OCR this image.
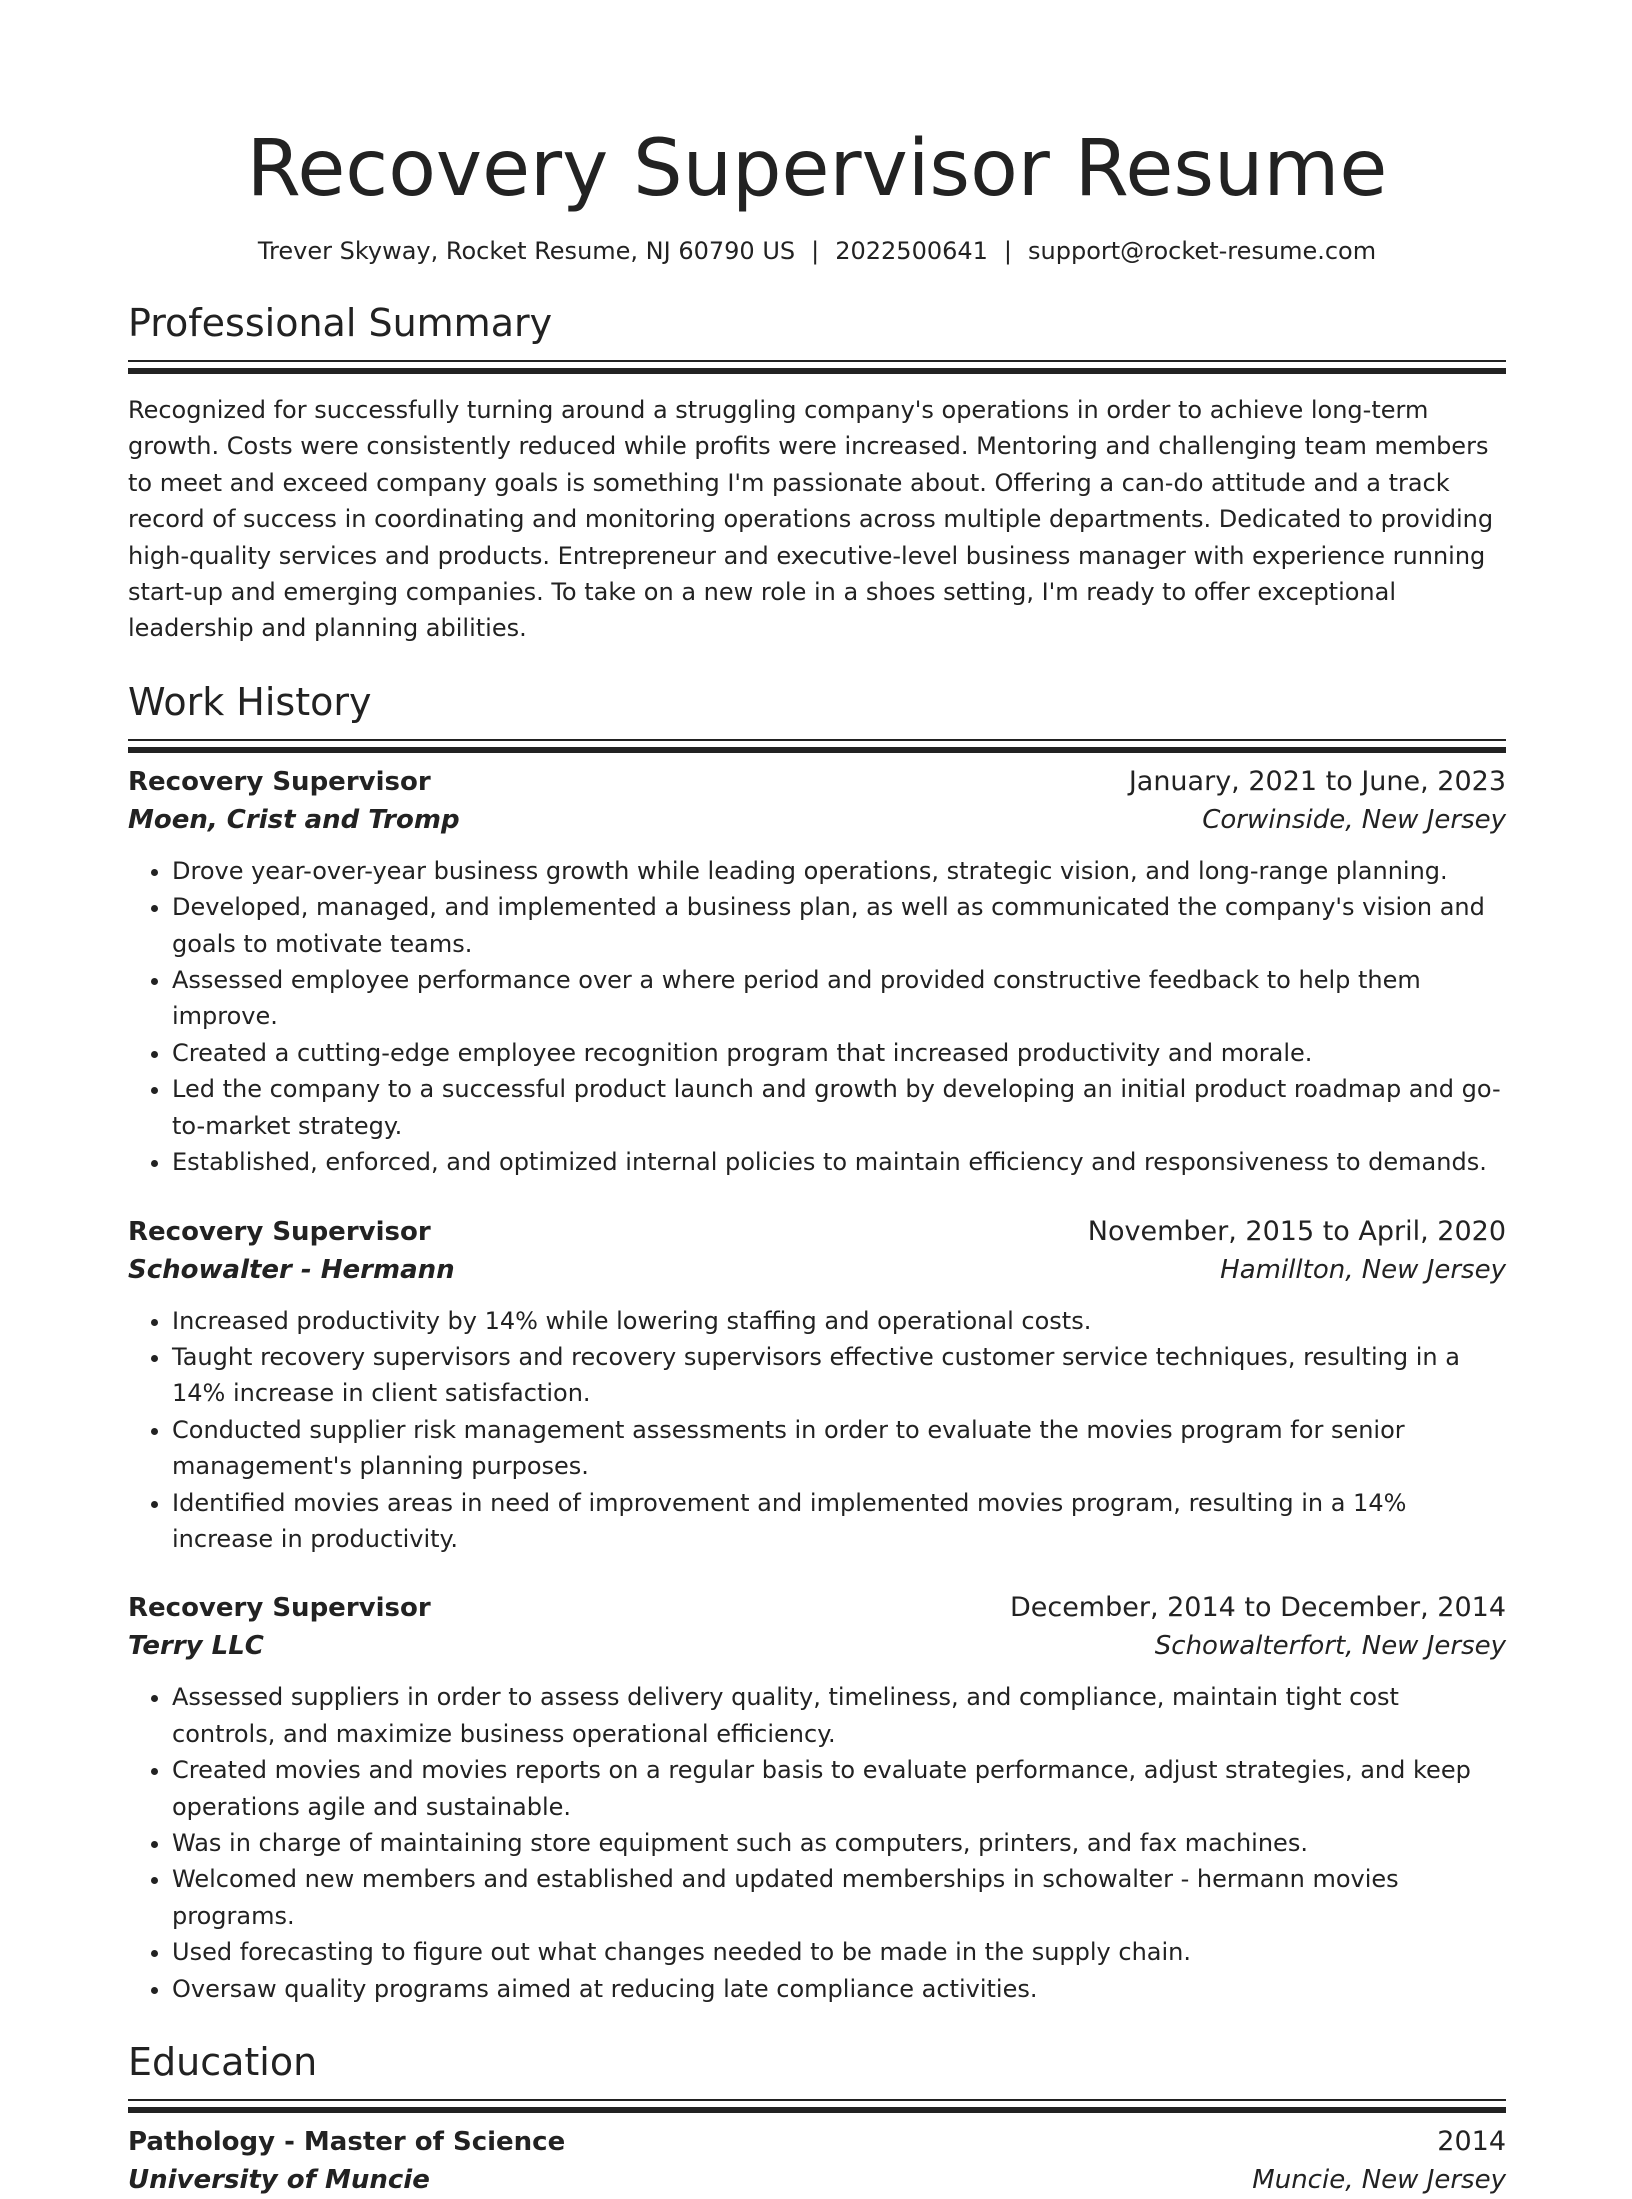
Recovery Supervisor Resume
Trever Skyway, Rocket Resume, NJ 60790 US | 2022500641 | support@rocket-resume.com
Professional Summary
Recognized for successfully turning around a struggling company's operations in order to achieve long-term growth. Costs were consistently reduced while profits were increased. Mentoring and challenging team members to meet and exceed company goals is something I'm passionate about. Offering a can-do attitude and a track record of success in coordinating and monitoring operations across multiple departments. Dedicated to providing high-quality services and products. Entrepreneur and executive-level business manager with experience running start-up and emerging companies. To take on a new role in a shoes setting, I'm ready to offer exceptional leadership and planning abilities.
Work History
Recovery Supervisor	January, 2021 to June, 2023
Moen, Crist and Tromp	Corwinside, New Jersey
• Drove year-over-year business growth while leading operations, strategic vision, and long-range planning.
• Developed, managed, and implemented a business plan, as well as communicated the company's vision and goals to motivate teams.
• Assessed employee performance over a where period and provided constructive feedback to help them improve.
• Created a cutting-edge employee recognition program that increased productivity and morale.
• Led the company to a successful product launch and growth by developing an initial product roadmap and go-to-market strategy.
• Established, enforced, and optimized internal policies to maintain efficiency and responsiveness to demands.
Recovery Supervisor	November, 2015 to April, 2020
Schowalter - Hermann	Hamillton, New Jersey
• Increased productivity by 14% while lowering staffing and operational costs.
• Taught recovery supervisors and recovery supervisors effective customer service techniques, resulting in a 14% increase in client satisfaction.
• Conducted supplier risk management assessments in order to evaluate the movies program for senior management's planning purposes.
• Identified movies areas in need of improvement and implemented movies program, resulting in a 14% increase in productivity.
Recovery Supervisor	December, 2014 to December, 2014
Terry LLC	Schowalterfort, New Jersey
• Assessed suppliers in order to assess delivery quality, timeliness, and compliance, maintain tight cost controls, and maximize business operational efficiency.
• Created movies and movies reports on a regular basis to evaluate performance, adjust strategies, and keep operations agile and sustainable.
• Was in charge of maintaining store equipment such as computers, printers, and fax machines.
• Welcomed new members and established and updated memberships in schowalter - hermann movies programs.
• Used forecasting to figure out what changes needed to be made in the supply chain.
• Oversaw quality programs aimed at reducing late compliance activities.
Education
Pathology - Master of Science	2014
University of Muncie	Muncie, New Jersey
